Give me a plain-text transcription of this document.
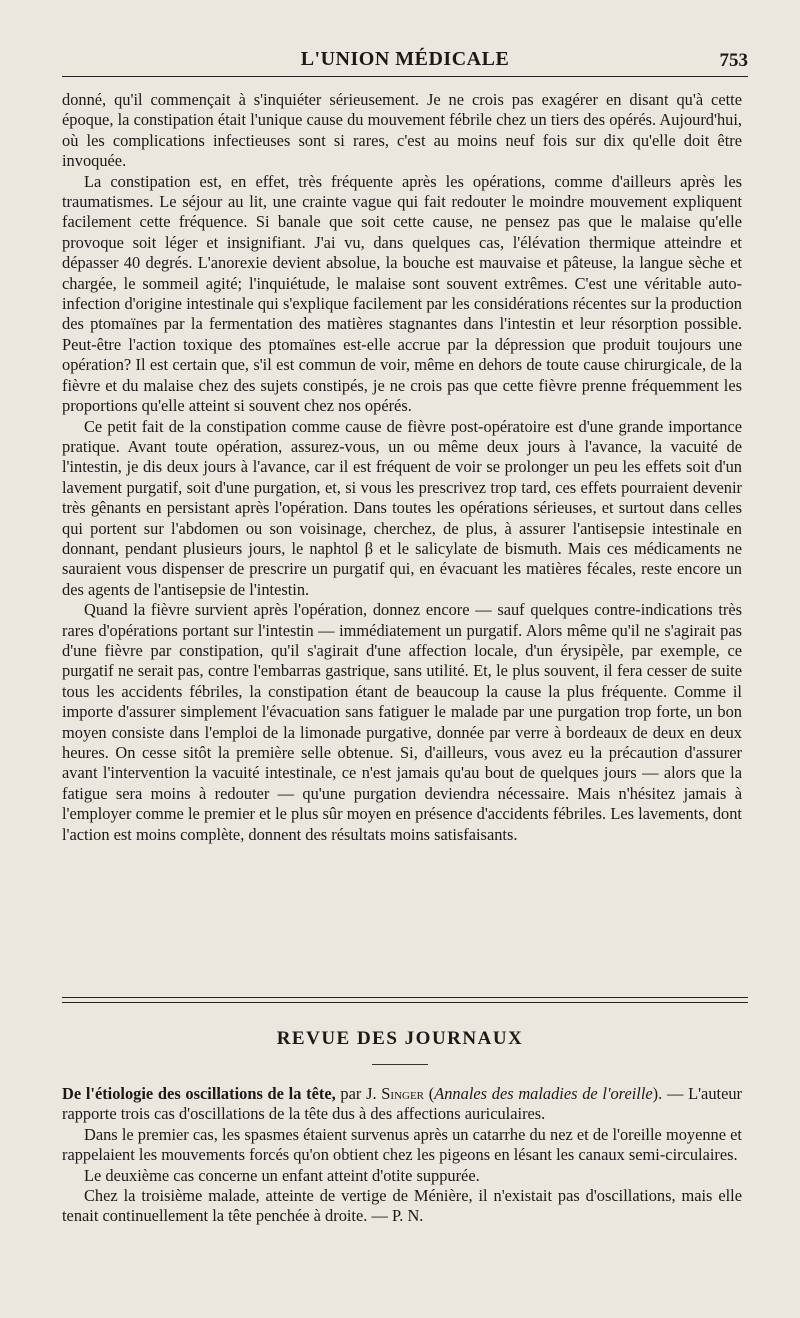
L'UNION MÉDICALE	753

donné, qu'il commençait à s'inquiéter sérieusement. Je ne crois pas exagérer en disant qu'à cette époque, la constipation était l'unique cause du mouvement fébrile chez un tiers des opérés. Aujourd'hui, où les complications infectieuses sont si rares, c'est au moins neuf fois sur dix qu'elle doit être invoquée.

La constipation est, en effet, très fréquente après les opérations, comme d'ailleurs après les traumatismes. Le séjour au lit, une crainte vague qui fait redouter le moindre mouvement expliquent facilement cette fréquence. Si banale que soit cette cause, ne pensez pas que le malaise qu'elle provoque soit léger et insignifiant. J'ai vu, dans quelques cas, l'élévation thermique atteindre et dépasser 40 degrés. L'anorexie devient absolue, la bouche est mauvaise et pâteuse, la langue sèche et chargée, le sommeil agité; l'inquiétude, le malaise sont souvent extrêmes. C'est une véritable auto-infection d'origine intestinale qui s'explique facilement par les considérations récentes sur la production des ptomaïnes par la fermentation des matières stagnantes dans l'intestin et leur résorption possible. Peut-être l'action toxique des ptomaïnes est-elle accrue par la dépression que produit toujours une opération? Il est certain que, s'il est commun de voir, même en dehors de toute cause chirurgicale, de la fièvre et du malaise chez des sujets constipés, je ne crois pas que cette fièvre prenne fréquemment les proportions qu'elle atteint si souvent chez nos opérés.

Ce petit fait de la constipation comme cause de fièvre post-opératoire est d'une grande importance pratique. Avant toute opération, assurez-vous, un ou même deux jours à l'avance, la vacuité de l'intestin, je dis deux jours à l'avance, car il est fréquent de voir se prolonger un peu les effets soit d'un lavement purgatif, soit d'une purgation, et, si vous les prescrivez trop tard, ces effets pourraient devenir très gênants en persistant après l'opération. Dans toutes les opérations sérieuses, et surtout dans celles qui portent sur l'abdomen ou son voisinage, cherchez, de plus, à assurer l'antisepsie intestinale en donnant, pendant plusieurs jours, le naphtol β et le salicylate de bismuth. Mais ces médicaments ne sauraient vous dispenser de prescrire un purgatif qui, en évacuant les matières fécales, reste encore un des agents de l'antisepsie de l'intestin.

Quand la fièvre survient après l'opération, donnez encore — sauf quelques contre-indications très rares d'opérations portant sur l'intestin — immédiatement un purgatif. Alors même qu'il ne s'agirait pas d'une fièvre par constipation, qu'il s'agirait d'une affection locale, d'un érysipèle, par exemple, ce purgatif ne serait pas, contre l'embarras gastrique, sans utilité. Et, le plus souvent, il fera cesser de suite tous les accidents fébriles, la constipation étant de beaucoup la cause la plus fréquente. Comme il importe d'assurer simplement l'évacuation sans fatiguer le malade par une purgation trop forte, un bon moyen consiste dans l'emploi de la limonade purgative, donnée par verre à bordeaux de deux en deux heures. On cesse sitôt la première selle obtenue. Si, d'ailleurs, vous avez eu la précaution d'assurer avant l'intervention la vacuité intestinale, ce n'est jamais qu'au bout de quelques jours — alors que la fatigue sera moins à redouter — qu'une purgation deviendra nécessaire. Mais n'hésitez jamais à l'employer comme le premier et le plus sûr moyen en présence d'accidents fébriles. Les lavements, dont l'action est moins complète, donnent des résultats moins satisfaisants.

REVUE DES JOURNAUX

De l'étiologie des oscillations de la tête, par J. Singer (Annales des maladies de l'oreille). — L'auteur rapporte trois cas d'oscillations de la tête dus à des affections auriculaires.

Dans le premier cas, les spasmes étaient survenus après un catarrhe du nez et de l'oreille moyenne et rappelaient les mouvements forcés qu'on obtient chez les pigeons en lésant les canaux semi-circulaires.

Le deuxième cas concerne un enfant atteint d'otite suppurée.

Chez la troisième malade, atteinte de vertige de Ménière, il n'existait pas d'oscillations, mais elle tenait continuellement la tête penchée à droite. — P. N.
